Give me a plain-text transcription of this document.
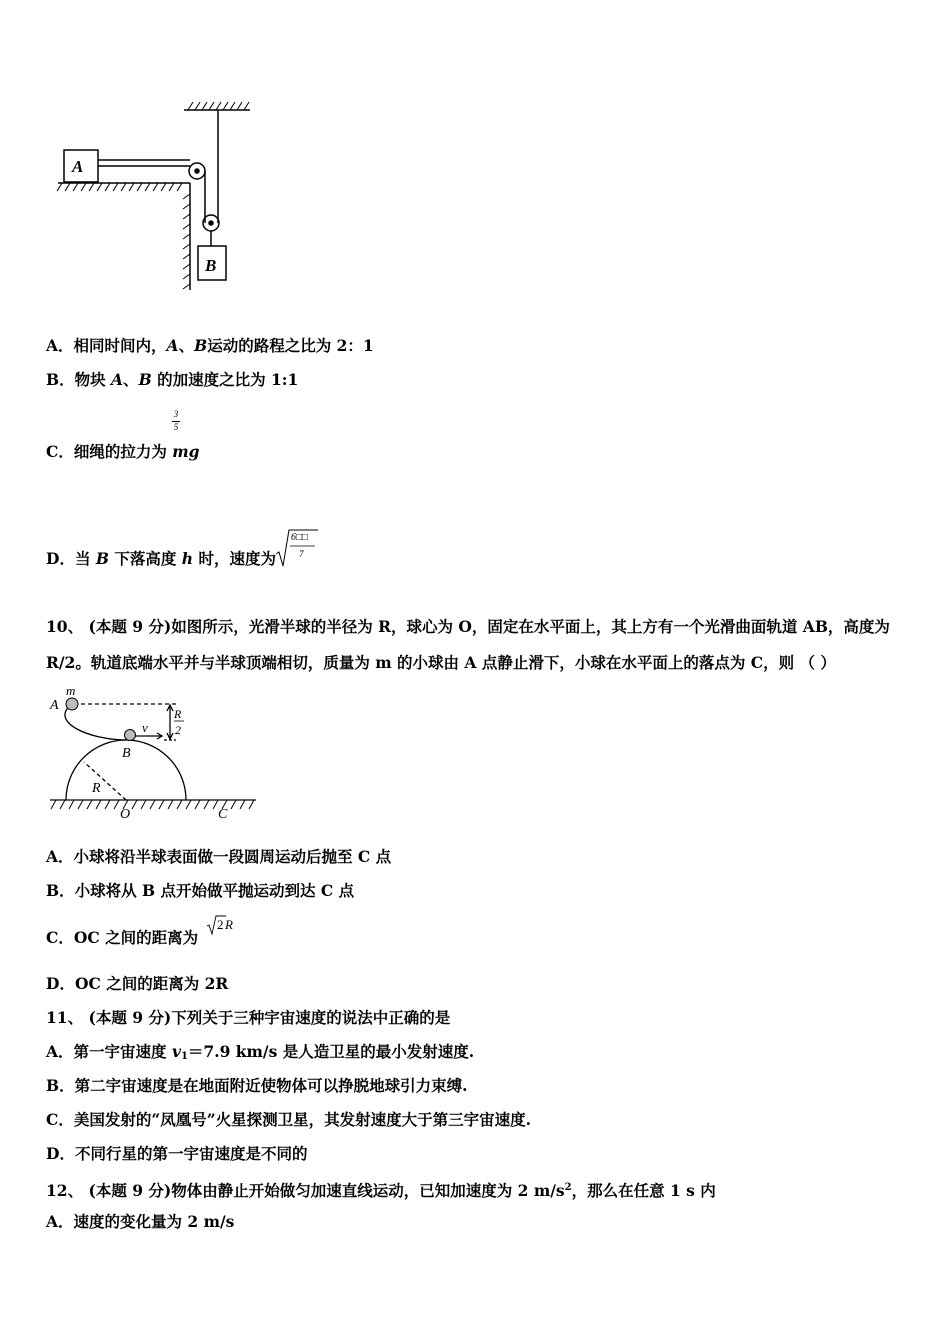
A
B
A．相同时间内，A、B运动的路程之比为 2：1
B．物块 A、B 的加速度之比为 1:1
3
5
C．细绳的拉力为 mg
D．当 B 下落高度 h 时，速度为
6□□
7
10、 (本题 9 分)如图所示，光滑半球的半径为 R，球心为 O，固定在水平面上，其上方有一个光滑曲面轨道 AB，高度为 R/2。轨道底端水平并与半球顶端相切，质量为 m 的小球由 A 点静止滑下，小球在水平面上的落点为 C，则 （ ）
m
A
v
B
R
2
R
O	C
A．小球将沿半球表面做一段圆周运动后抛至 C 点
B．小球将从 B 点开始做平抛运动到达 C 点
C．OC 之间的距离为
2 R
D．OC 之间的距离为 2R
11、 (本题 9 分)下列关于三种宇宙速度的说法中正确的是
A．第一宇宙速度 $v_1=7.9$ km/s 是人造卫星的最小发射速度.
B．第二宇宙速度是在地面附近使物体可以挣脱地球引力束缚.
C．美国发射的“凤凰号”火星探测卫星，其发射速度大于第三宇宙速度.
D．不同行星的第一宇宙速度是不同的
12、 (本题 9 分)物体由静止开始做匀加速直线运动，已知加速度为 2 $m/s^2$，那么在任意 1 s 内
A．速度的变化量为 2 m/s
